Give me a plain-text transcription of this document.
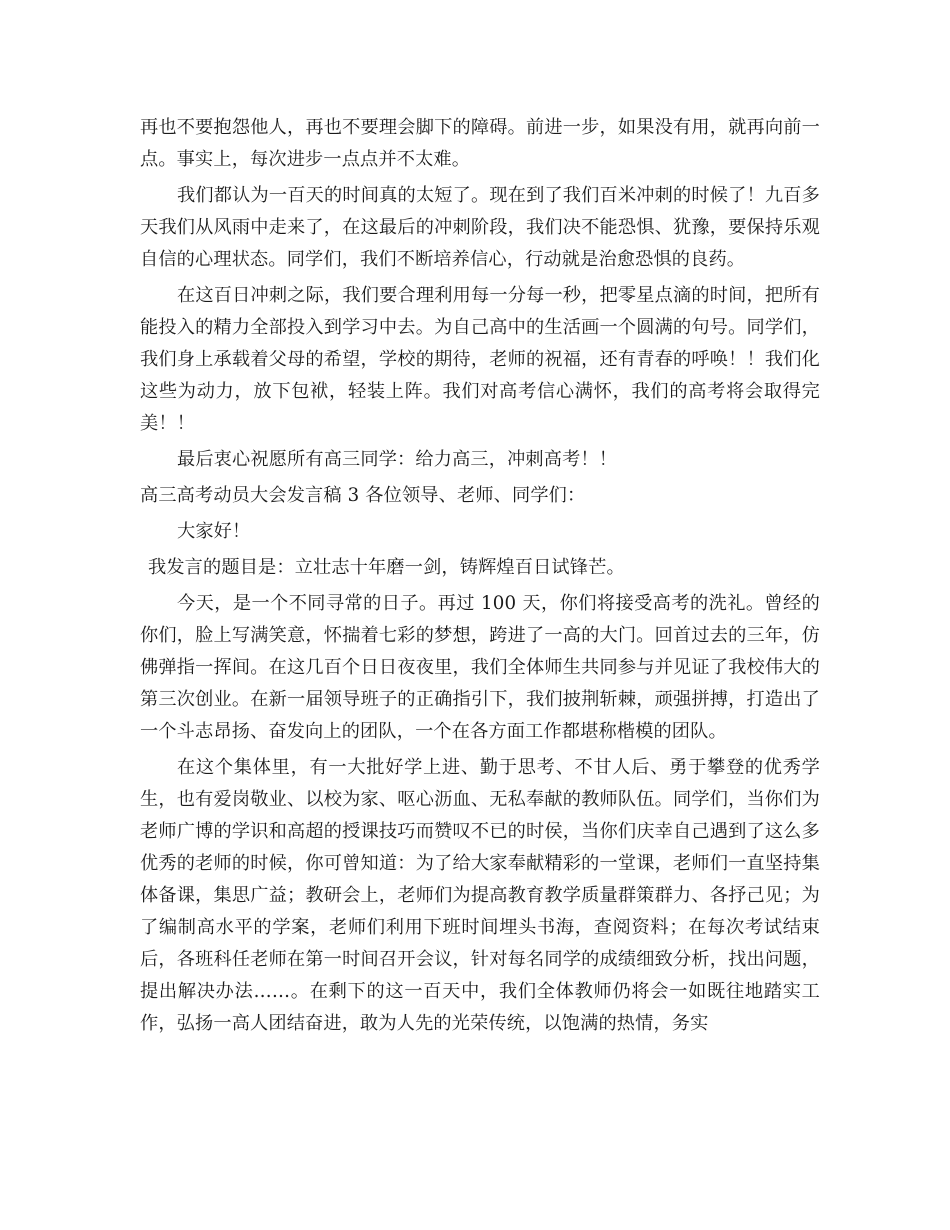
再也不要抱怨他人，再也不要理会脚下的障碍。前进一步，如果没有用，就再向前一点。事实上，每次进步一点点并不太难。

我们都认为一百天的时间真的太短了。现在到了我们百米冲刺的时候了！九百多天我们从风雨中走来了，在这最后的冲刺阶段，我们决不能恐惧、犹豫，要保持乐观自信的心理状态。同学们，我们不断培养信心，行动就是治愈恐惧的良药。

在这百日冲刺之际，我们要合理利用每一分每一秒，把零星点滴的时间，把所有能投入的精力全部投入到学习中去。为自己高中的生活画一个圆满的句号。同学们，我们身上承载着父母的希望，学校的期待，老师的祝福，还有青春的呼唤！！我们化这些为动力，放下包袱，轻装上阵。我们对高考信心满怀，我们的高考将会取得完美！！

最后衷心祝愿所有高三同学：给力高三，冲刺高考！！

高三高考动员大会发言稿 3 各位领导、老师、同学们：

大家好！

我发言的题目是：立壮志十年磨一剑，铸辉煌百日试锋芒。

今天，是一个不同寻常的日子。再过 100 天，你们将接受高考的洗礼。曾经的你们，脸上写满笑意，怀揣着七彩的梦想，跨进了一高的大门。回首过去的三年，仿佛弹指一挥间。在这几百个日日夜夜里，我们全体师生共同参与并见证了我校伟大的第三次创业。在新一届领导班子的正确指引下，我们披荆斩棘，顽强拼搏，打造出了一个斗志昂扬、奋发向上的团队，一个在各方面工作都堪称楷模的团队。

在这个集体里，有一大批好学上进、勤于思考、不甘人后、勇于攀登的优秀学生，也有爱岗敬业、以校为家、呕心沥血、无私奉献的教师队伍。同学们，当你们为老师广博的学识和高超的授课技巧而赞叹不已的时侯，当你们庆幸自己遇到了这么多优秀的老师的时候，你可曾知道：为了给大家奉献精彩的一堂课，老师们一直坚持集体备课，集思广益；教研会上，老师们为提高教育教学质量群策群力、各抒己见；为了编制高水平的学案，老师们利用下班时间埋头书海，查阅资料；在每次考试结束后，各班科任老师在第一时间召开会议，针对每名同学的成绩细致分析，找出问题，提出解决办法……。在剩下的这一百天中，我们全体教师仍将会一如既往地踏实工作，弘扬一高人团结奋进，敢为人先的光荣传统，以饱满的热情，务实
